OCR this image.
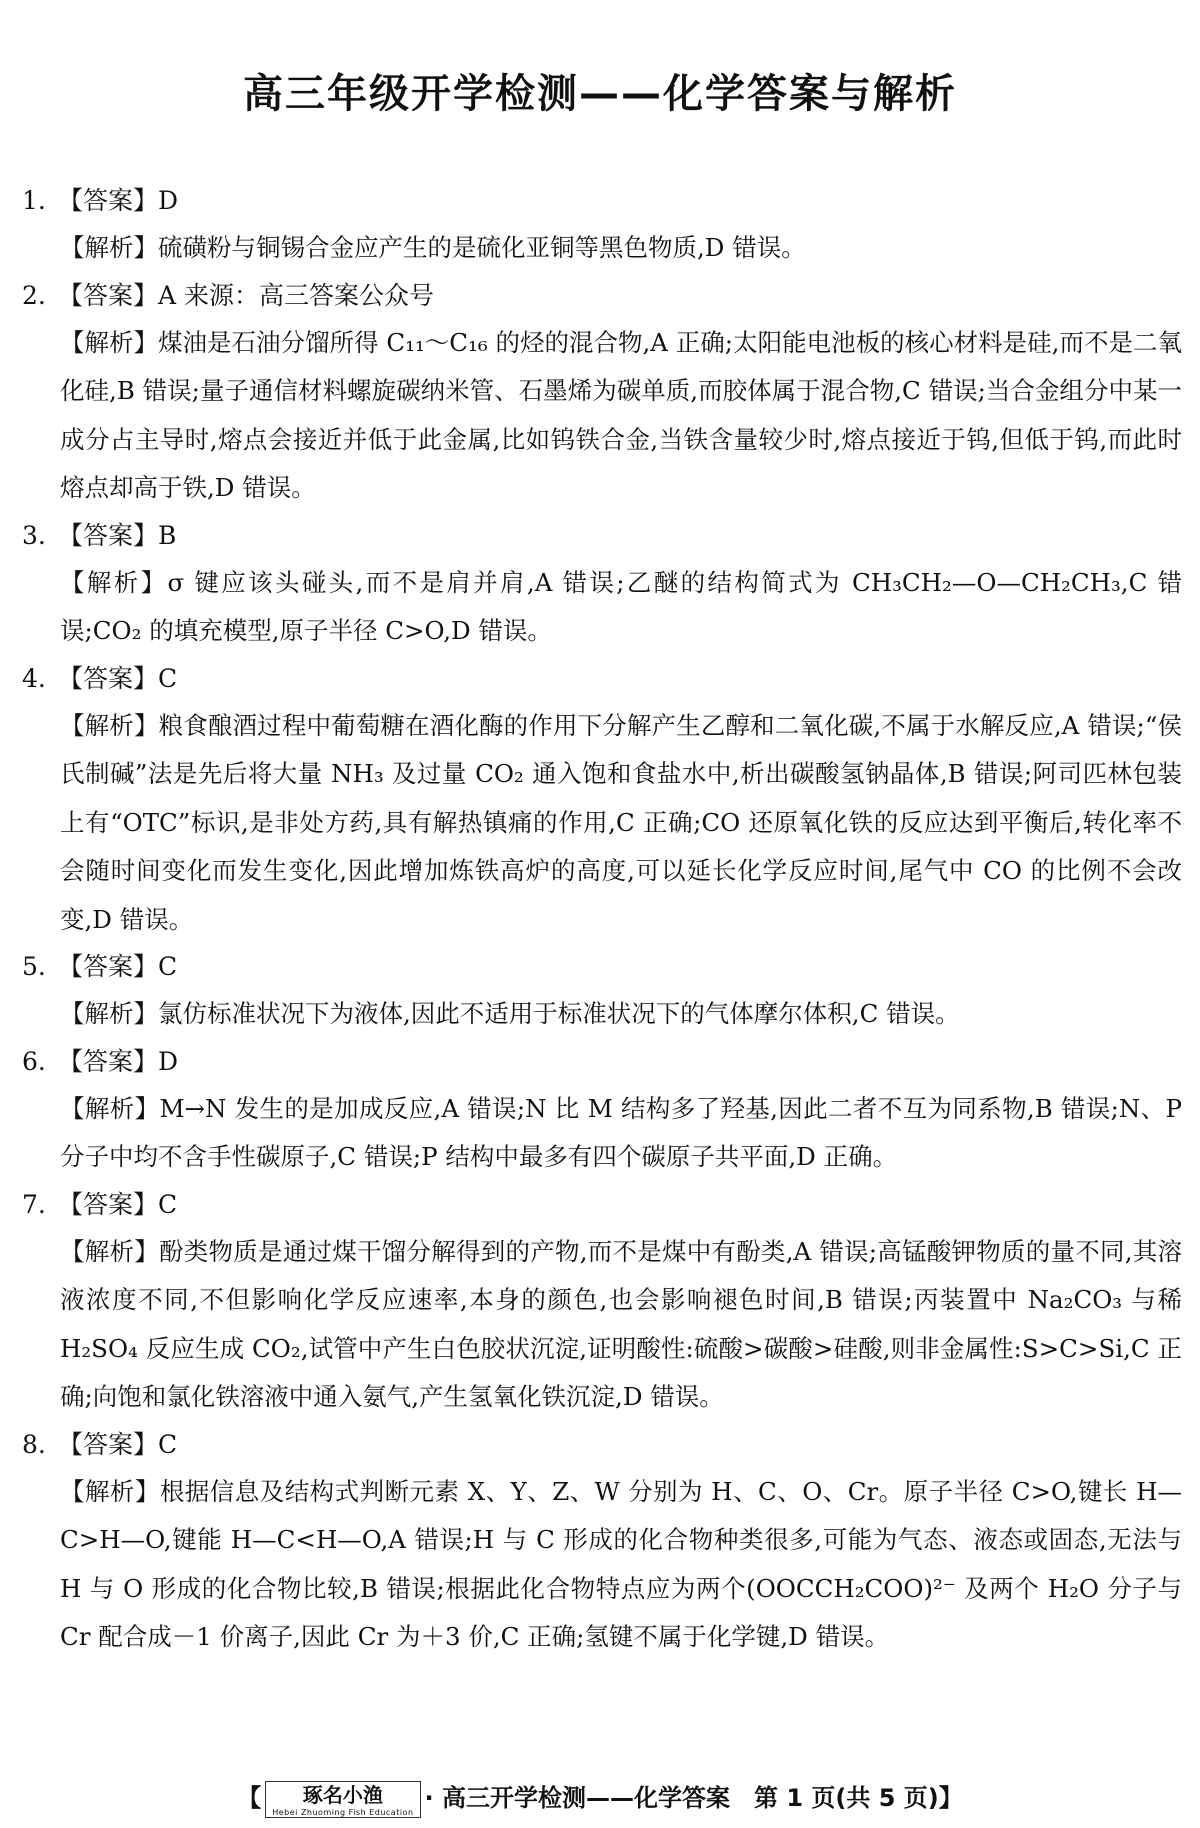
高三年级开学检测——化学答案与解析
1. 【答案】D
【解析】硫磺粉与铜锡合金应产生的是硫化亚铜等黑色物质,D 错误。
2. 【答案】A 来源：高三答案公众号
【解析】煤油是石油分馏所得 C₁₁～C₁₆ 的烃的混合物,A 正确;太阳能电池板的核心材料是硅,而不是二氧化硅,B 错误;量子通信材料螺旋碳纳米管、石墨烯为碳单质,而胶体属于混合物,C 错误;当合金组分中某一成分占主导时,熔点会接近并低于此金属,比如钨铁合金,当铁含量较少时,熔点接近于钨,但低于钨,而此时熔点却高于铁,D 错误。
3. 【答案】B
【解析】σ 键应该头碰头,而不是肩并肩,A 错误;乙醚的结构简式为 CH₃CH₂—O—CH₂CH₃,C 错误;CO₂ 的填充模型,原子半径 C>O,D 错误。
4. 【答案】C
【解析】粮食酿酒过程中葡萄糖在酒化酶的作用下分解产生乙醇和二氧化碳,不属于水解反应,A 错误;“侯氏制碱”法是先后将大量 NH₃ 及过量 CO₂ 通入饱和食盐水中,析出碳酸氢钠晶体,B 错误;阿司匹林包装上有“OTC”标识,是非处方药,具有解热镇痛的作用,C 正确;CO 还原氧化铁的反应达到平衡后,转化率不会随时间变化而发生变化,因此增加炼铁高炉的高度,可以延长化学反应时间,尾气中 CO 的比例不会改变,D 错误。
5. 【答案】C
【解析】氯仿标准状况下为液体,因此不适用于标准状况下的气体摩尔体积,C 错误。
6. 【答案】D
【解析】M→N 发生的是加成反应,A 错误;N 比 M 结构多了羟基,因此二者不互为同系物,B 错误;N、P 分子中均不含手性碳原子,C 错误;P 结构中最多有四个碳原子共平面,D 正确。
7. 【答案】C
【解析】酚类物质是通过煤干馏分解得到的产物,而不是煤中有酚类,A 错误;高锰酸钾物质的量不同,其溶液浓度不同,不但影响化学反应速率,本身的颜色,也会影响褪色时间,B 错误;丙装置中 Na₂CO₃ 与稀 H₂SO₄ 反应生成 CO₂,试管中产生白色胶状沉淀,证明酸性:硫酸>碳酸>硅酸,则非金属性:S>C>Si,C 正确;向饱和氯化铁溶液中通入氨气,产生氢氧化铁沉淀,D 错误。
8. 【答案】C
【解析】根据信息及结构式判断元素 X、Y、Z、W 分别为 H、C、O、Cr。原子半径 C>O,键长 H—C>H—O,键能 H—C<H—O,A 错误;H 与 C 形成的化合物种类很多,可能为气态、液态或固态,无法与 H 与 O 形成的化合物比较,B 错误;根据此化合物特点应为两个(OOCCH₂COO)²⁻ 及两个 H₂O 分子与 Cr 配合成－1 价离子,因此 Cr 为＋3 价,C 正确;氢键不属于化学键,D 错误。
【 琢名小渔
Hebei Zhuoming Fish Education · 高三开学检测——化学答案　第 1 页(共 5 页)】
